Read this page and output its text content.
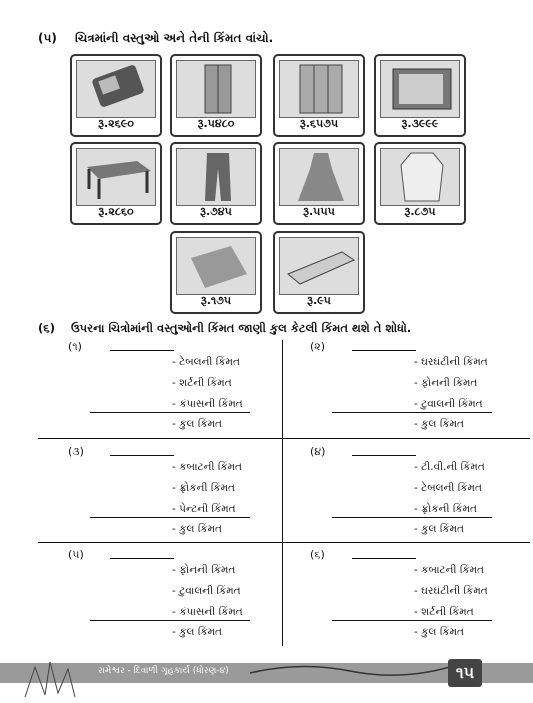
(૫) ચિત્રમાંની વસ્તુઓ અને તેની કિંમત વાંચો.
રૂ.૨૬૯૦	રૂ.૫૪૮૦	રૂ.૬૫૭૫	રૂ.૩૯૯૯
રૂ.૨૮૬૦	રૂ.૭૪૫	રૂ.૫૫૫	રૂ.૮૭૫
રૂ.૧૭૫	રૂ.૯૫
(૬) ઉપરના ચિત્રોમાંની વસ્તુઓની કિંમત જાણી કુલ કેટલી કિંમત થશે તે શોધો.
(૧)
- ટેબલની કિંમત
- શર્ટની કિંમત
- કંપાસની કિંમત
- કુલ કિંમત
(૨)
- ઘરઘંટીની કિંમત
- ફોનની કિંમત
- ટુવાલની કિંમત
- કુલ કિંમત
(૩)
- કબાટની કિંમત
- ફ્રોકની કિંમત
- પેન્ટની કિંમત
- કુલ કિંમત
(૪)
- ટી.વી.ની કિંમત
- ટેબલની કિંમત
- ફ્રોકની કિંમત
- કુલ કિંમત
(૫)
- ફોનની કિંમત
- ટુવાલની કિંમત
- કંપાસની કિંમત
- કુલ કિંમત
(૬)
- કબાટની કિંમત
- ઘરઘંટીની કિંમત
- શર્ટની કિંમત
- કુલ કિંમત
રામેશ્વર - દિવાળી ગૃહકાર્ય (ધોરણ-૪)	૧૫
